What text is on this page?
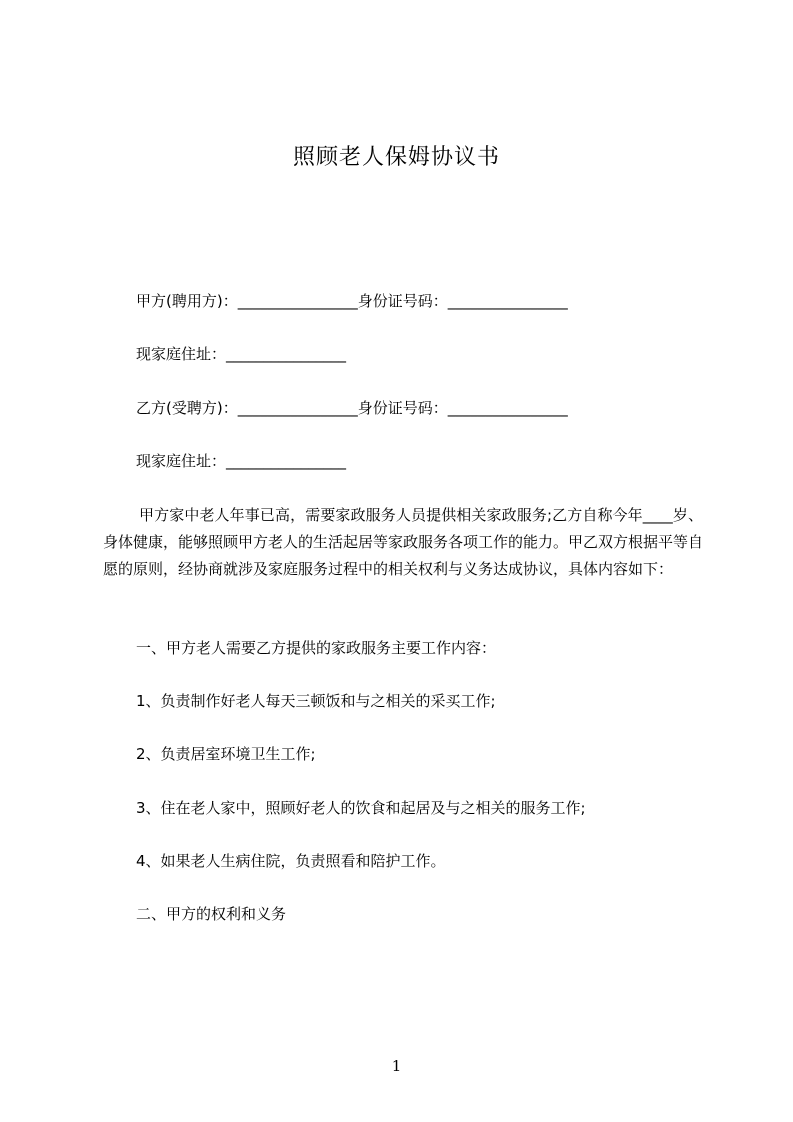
照顾老人保姆协议书
甲方(聘用方)：________________身份证号码：________________
现家庭住址：________________
乙方(受聘方)：________________身份证号码：________________
现家庭住址：________________
甲方家中老人年事已高，需要家政服务人员提供相关家政服务;乙方自称今年____岁、身体健康，能够照顾甲方老人的生活起居等家政服务各项工作的能力。甲乙双方根据平等自愿的原则，经协商就涉及家庭服务过程中的相关权利与义务达成协议，具体内容如下：
一、甲方老人需要乙方提供的家政服务主要工作内容：
1、负责制作好老人每天三顿饭和与之相关的采买工作;
2、负责居室环境卫生工作;
3、住在老人家中，照顾好老人的饮食和起居及与之相关的服务工作;
4、如果老人生病住院，负责照看和陪护工作。
二、甲方的权利和义务
1
